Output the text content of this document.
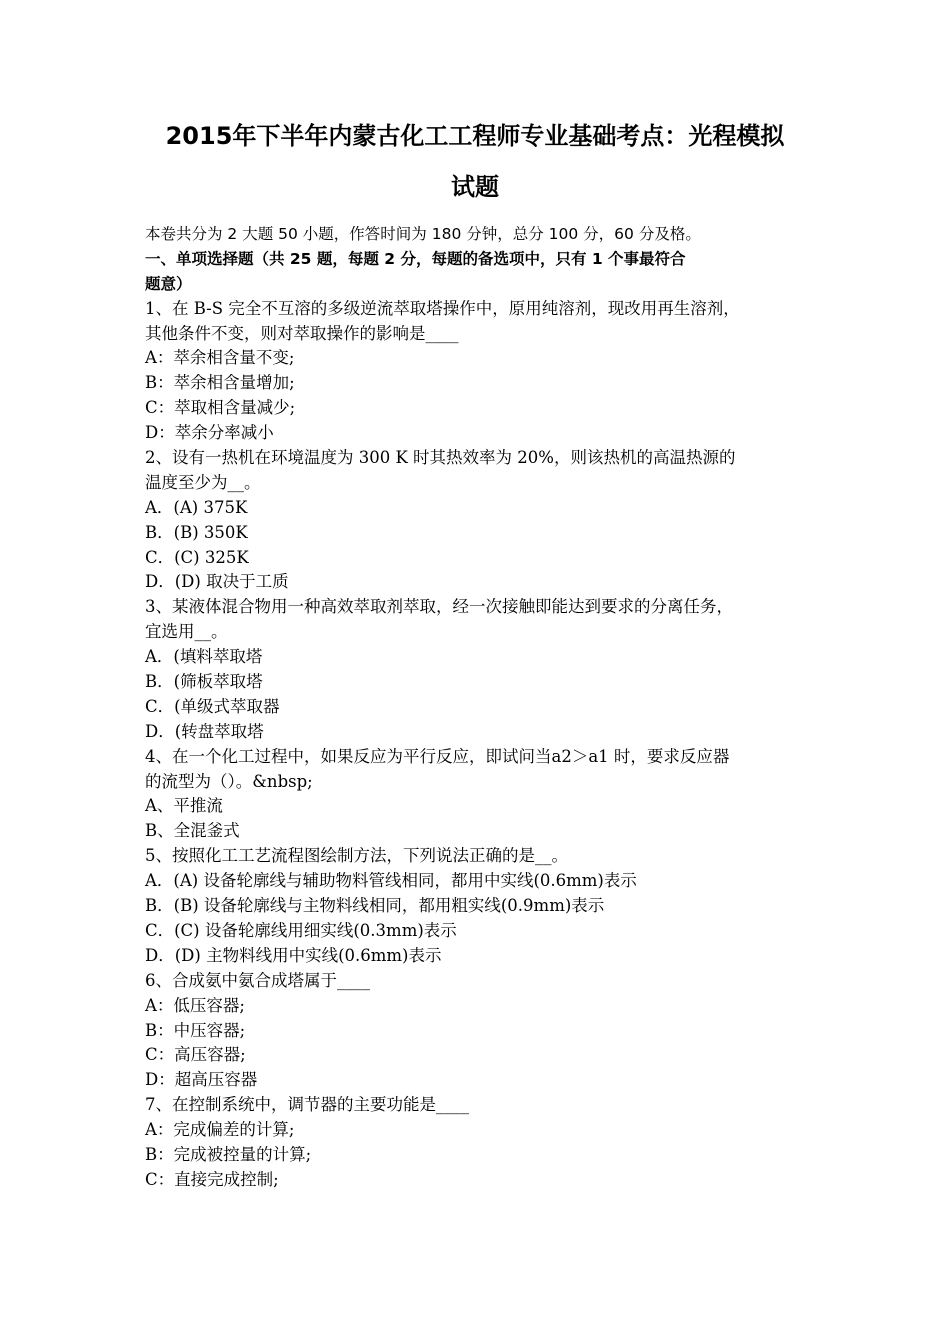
2015年下半年内蒙古化工工程师专业基础考点：光程模拟
试题
本卷共分为 2 大题 50 小题，作答时间为 180 分钟，总分 100 分，60 分及格。
一、单项选择题（共 25 题，每题 2 分，每题的备选项中，只有 1 个事最符合
题意）
1、在 B-S 完全不互溶的多级逆流萃取塔操作中，原用纯溶剂，现改用再生溶剂，
其他条件不变，则对萃取操作的影响是____
A：萃余相含量不变;
B：萃余相含量增加;
C：萃取相含量减少;
D：萃余分率减小
2、设有一热机在环境温度为 300 K 时其热效率为 20%，则该热机的高温热源的
温度至少为__。
A．(A) 375K
B．(B) 350K
C．(C) 325K
D．(D) 取决于工质
3、某液体混合物用一种高效萃取剂萃取，经一次接触即能达到要求的分离任务，
宜选用__。
A．(填料萃取塔
B．(筛板萃取塔
C．(单级式萃取器
D．(转盘萃取塔
4、在一个化工过程中，如果反应为平行反应，即试问当a2＞a1 时，要求反应器
的流型为（）。&nbsp;
A、平推流
B、全混釜式
5、按照化工工艺流程图绘制方法，下列说法正确的是__。
A．(A) 设备轮廓线与辅助物料管线相同，都用中实线(0.6mm)表示
B．(B) 设备轮廓线与主物料线相同，都用粗实线(0.9mm)表示
C．(C) 设备轮廓线用细实线(0.3mm)表示
D．(D) 主物料线用中实线(0.6mm)表示
6、合成氨中氨合成塔属于____
A：低压容器;
B：中压容器;
C：高压容器;
D：超高压容器
7、在控制系统中，调节器的主要功能是____
A：完成偏差的计算;
B：完成被控量的计算;
C：直接完成控制;
